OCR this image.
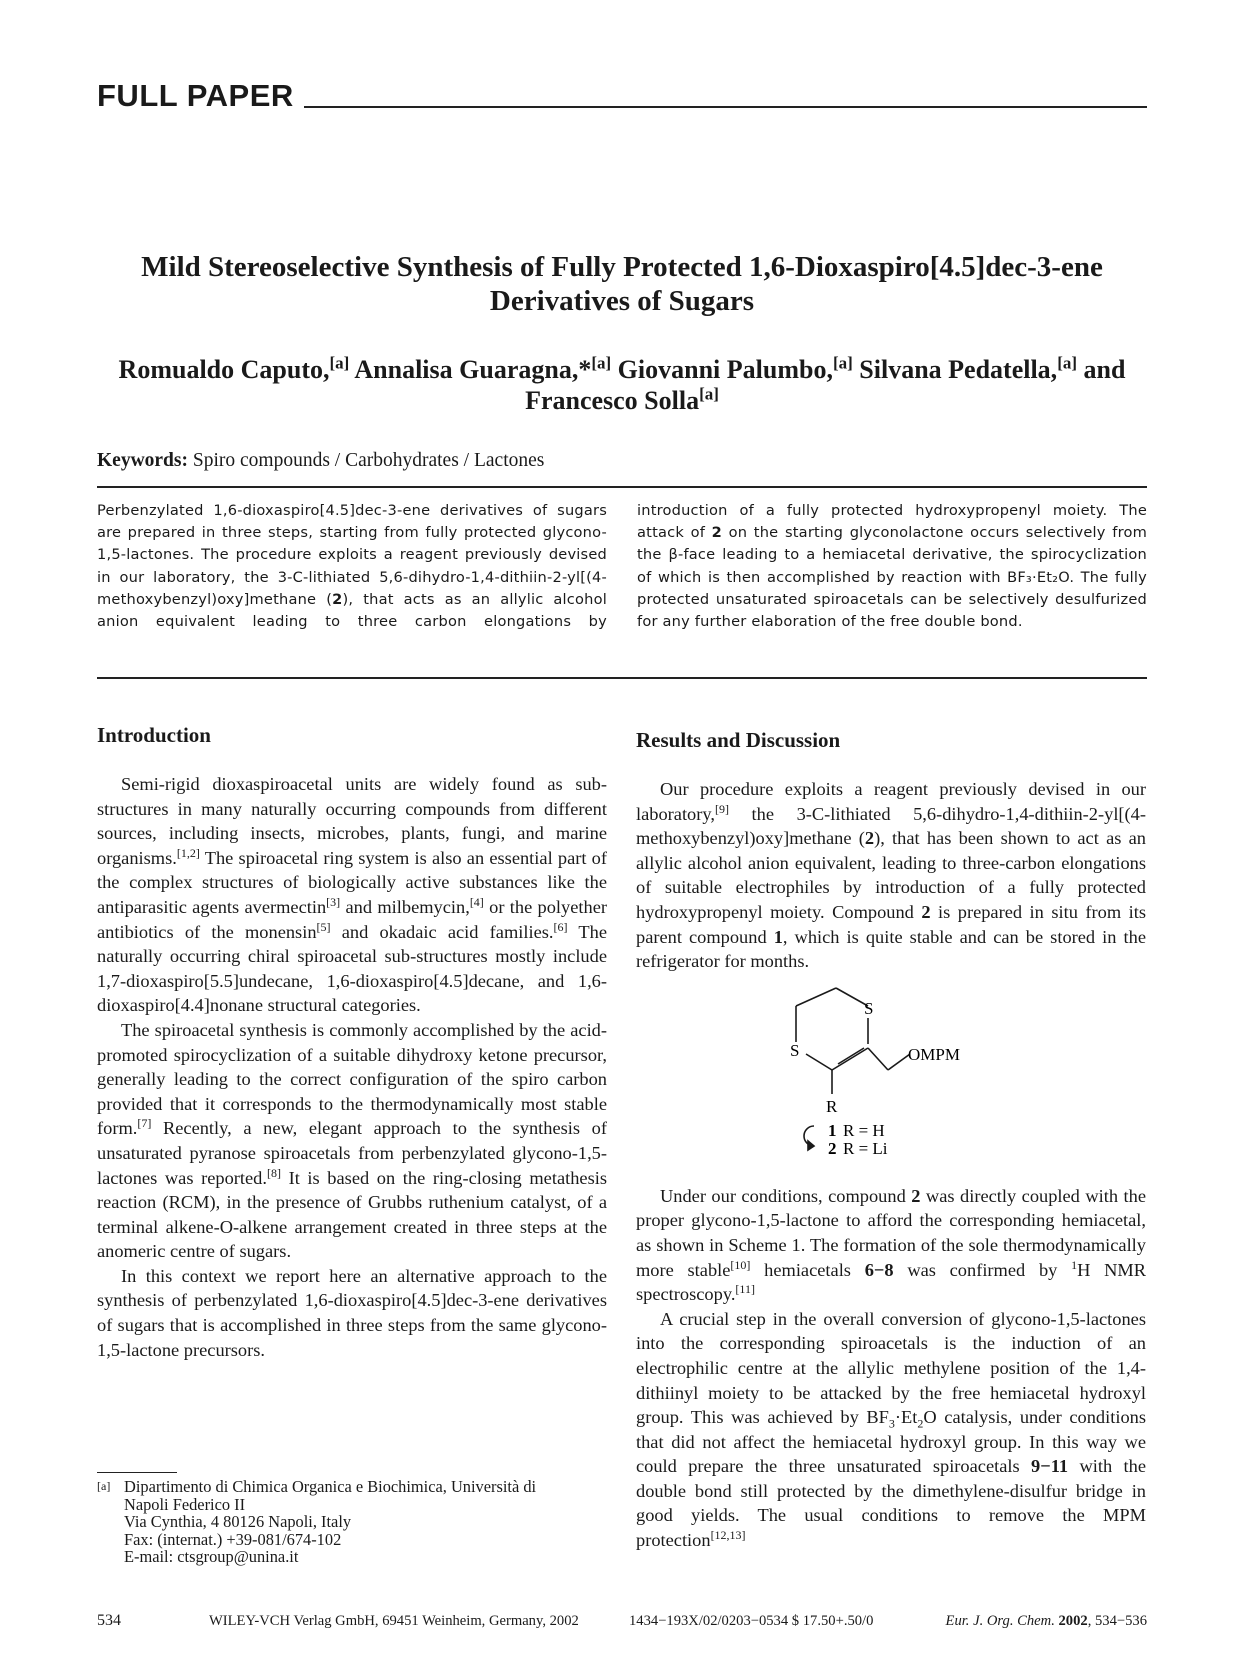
FULL PAPER
Mild Stereoselective Synthesis of Fully Protected 1,6-Dioxaspiro[4.5]dec-3-ene
Derivatives of Sugars
Romualdo Caputo,[a] Annalisa Guaragna,*[a] Giovanni Palumbo,[a] Silvana Pedatella,[a] and
Francesco Solla[a]
Keywords: Spiro compounds / Carbohydrates / Lactones
Perbenzylated 1,6-dioxaspiro[4.5]dec-3-ene derivatives of sugars are prepared in three steps, starting from fully protected glycono-1,5-lactones. The procedure exploits a reagent previously devised in our laboratory, the 3-C-lithiated 5,6-dihydro-1,4-dithiin-2-yl[(4-methoxybenzyl)oxy]methane (2), that acts as an allylic alcohol anion equivalent leading to three carbon elongations by introduction of a fully protected hydroxypropenyl moiety. The attack of 2 on the starting glyconolactone occurs selectively from the β-face leading to a hemiacetal derivative, the spirocyclization of which is then accomplished by reaction with BF₃·Et₂O. The fully protected unsaturated spiroacetals can be selectively desulfurized for any further elaboration of the free double bond.
Introduction

Semi-rigid dioxaspiroacetal units are widely found as sub-structures in many naturally occurring compounds from different sources, including insects, microbes, plants, fungi, and marine organisms.[1,2] The spiroacetal ring system is also an essential part of the complex structures of biologically active substances like the antiparasitic agents avermectin[3] and milbemycin,[4] or the polyether antibiotics of the monensin[5] and okadaic acid families.[6] The naturally occurring chiral spiroacetal sub-structures mostly include 1,7-dioxaspiro[5.5]undecane, 1,6-dioxaspiro[4.5]decane, and 1,6-dioxaspiro[4.4]nonane structural categories.

The spiroacetal synthesis is commonly accomplished by the acid-promoted spirocyclization of a suitable dihydroxy ketone precursor, generally leading to the correct configuration of the spiro carbon provided that it corresponds to the thermodynamically most stable form.[7] Recently, a new, elegant approach to the synthesis of unsaturated pyranose spiroacetals from perbenzylated glycono-1,5-lactones was reported.[8] It is based on the ring-closing metathesis reaction (RCM), in the presence of Grubbs ruthenium catalyst, of a terminal alkene-O-alkene arrangement created in three steps at the anomeric centre of sugars.

In this context we report here an alternative approach to the synthesis of perbenzylated 1,6-dioxaspiro[4.5]dec-3-ene derivatives of sugars that is accomplished in three steps from the same glycono-1,5-lactone precursors.

Results and Discussion

Our procedure exploits a reagent previously devised in our laboratory,[9] the 3-C-lithiated 5,6-dihydro-1,4-dithiin-2-yl[(4-methoxybenzyl)oxy]methane (2), that has been shown to act as an allylic alcohol anion equivalent, leading to three-carbon elongations of suitable electrophiles by introduction of a fully protected hydroxypropenyl moiety. Compound 2 is prepared in situ from its parent compound 1, which is quite stable and can be stored in the refrigerator for months.

S
S	OMPM
R
1 R = H
2 R = Li

Under our conditions, compound 2 was directly coupled with the proper glycono-1,5-lactone to afford the corresponding hemiacetal, as shown in Scheme 1. The formation of the sole thermodynamically more stable[10] hemiacetals 6−8 was confirmed by $^1$H NMR spectroscopy.[11]

A crucial step in the overall conversion of glycono-1,5-lactones into the corresponding spiroacetals is the induction of an electrophilic centre at the allylic methylene position of the 1,4-dithiinyl moiety to be attacked by the free hemiacetal hydroxyl group. This was achieved by $BF_3\cdot Et_2O$ catalysis, under conditions that did not affect the hemiacetal hydroxyl group. In this way we could prepare the three unsaturated spiroacetals 9−11 with the double bond still protected by the dimethylene-disulfur bridge in good yields. The usual conditions to remove the MPM protection[12,13]

[a] Dipartimento di Chimica Organica e Biochimica, Università di
Napoli Federico II
Via Cynthia, 4 80126 Napoli, Italy
Fax: (internat.) +39-081/674-102
E-mail: ctsgroup@unina.it
534	WILEY-VCH Verlag GmbH, 69451 Weinheim, Germany, 2002	1434−193X/02/0203−0534 $ 17.50+.50/0	Eur. J. Org. Chem. 2002, 534−536
